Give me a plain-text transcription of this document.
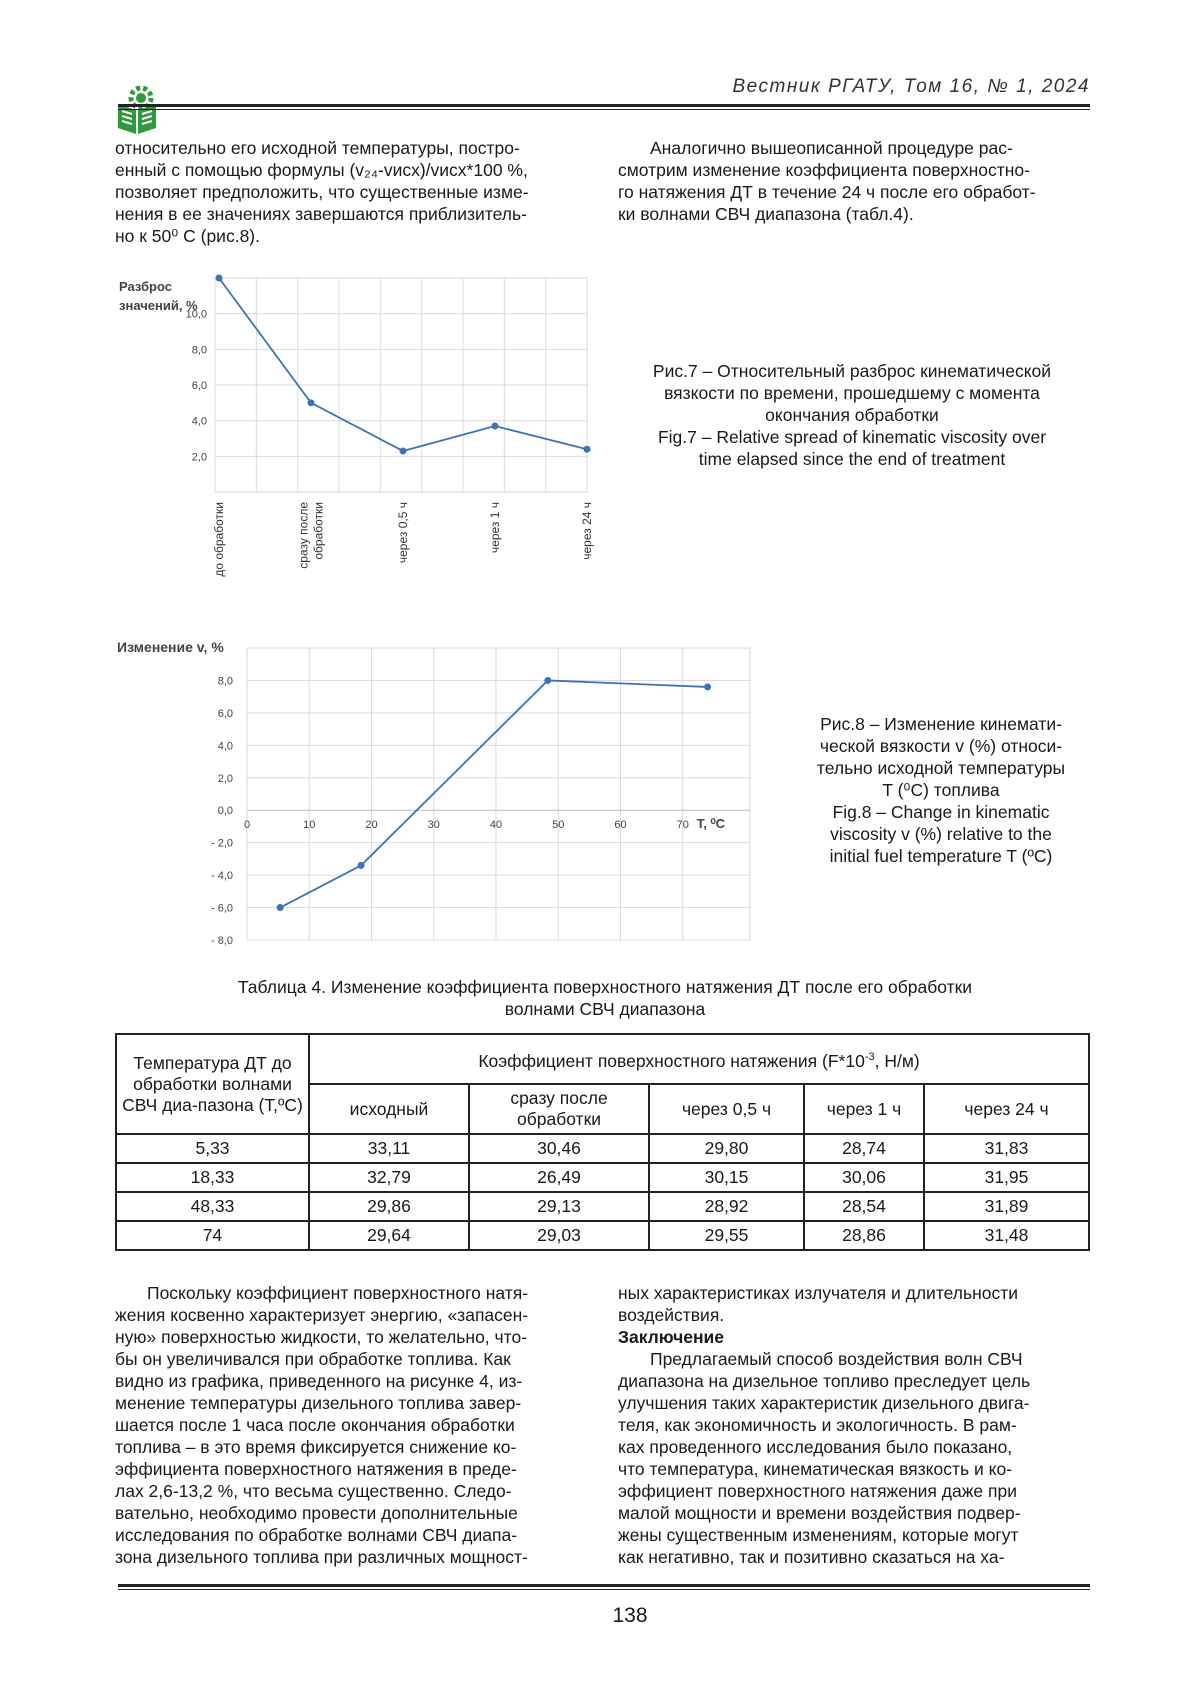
Вестник РГАТУ, Том 16, № 1, 2024

относительно его исходной температуры, постро-

енный с помощью формулы (v₂₄-vисх)/vисх*100 %,

позволяет предположить, что существенные изме-

нения в ее значениях завершаются приблизитель-

но к 50⁰ С (рис.8).

Аналогично вышеописанной процедуре рас-

смотрим изменение коэффициента поверхностно-

го натяжения ДТ в течение 24 ч после его обработ-

ки волнами СВЧ диапазона (табл.4).

2,0
4,0
6,0
8,0
10,0
Разброс
значений, %
до обработки	сразу после обработки	через 0,5 ч	через 1 ч	через 24 ч
Рис.7 – Относительный разброс кинематической
вязкости по времени, прошедшему с момента
окончания обработки
Fig.7 – Relative spread of kinematic viscosity over
time elapsed since the end of treatment
8,0
6,0
4,0
2,0
0,0
- 2,0
- 4,0
- 6,0
- 8,0
0	10	20	30	40	50	60	70 T, ⁰С
Изменение v, %
Рис.8 – Изменение кинемати-
ческой вязкости v (%) относи-
тельно исходной температуры
T (⁰С) топлива
Fig.8 – Change in kinematic
viscosity v (%) relative to the
initial fuel temperature T (ºC)
Таблица 4. Изменение коэффициента поверхностного натяжения ДТ после его обработки
волнами СВЧ диапазона
Температура ДТ до обработки волнами СВЧ диа-пазона (T,ºC)	Коэффициент поверхностного натяжения ($F*10^{-3}$, Н/м)				
	исходный	сразу после обработки	через 0,5 ч	через 1 ч	через 24 ч
5,33	33,11	30,46	29,80	28,74	31,83
18,33	32,79	26,49	30,15	30,06	31,95
48,33	29,86	29,13	28,92	28,54	31,89
74	29,64	29,03	29,55	28,86	31,48

Поскольку коэффициент поверхностного натя-

жения косвенно характеризует энергию, «запасен-

ную» поверхностью жидкости, то желательно, что-

бы он увеличивался при обработке топлива. Как

видно из графика, приведенного на рисунке 4, из-

менение температуры дизельного топлива завер-

шается после 1 часа после окончания обработки

топлива – в это время фиксируется снижение ко-

эффициента поверхностного натяжения в преде-

лах 2,6-13,2 %, что весьма существенно. Следо-

вательно, необходимо провести дополнительные

исследования по обработке волнами СВЧ диапа-

зона дизельного топлива при различных мощност-

ных характеристиках излучателя и длительности

воздействия.

Заключение

Предлагаемый способ воздействия волн СВЧ

диапазона на дизельное топливо преследует цель

улучшения таких характеристик дизельного двига-

теля, как экономичность и экологичность. В рам-

ках проведенного исследования было показано,

что температура, кинематическая вязкость и ко-

эффициент поверхностного натяжения даже при

малой мощности и времени воздействия подвер-

жены существенным изменениям, которые могут

как негативно, так и позитивно сказаться на ха-

138
